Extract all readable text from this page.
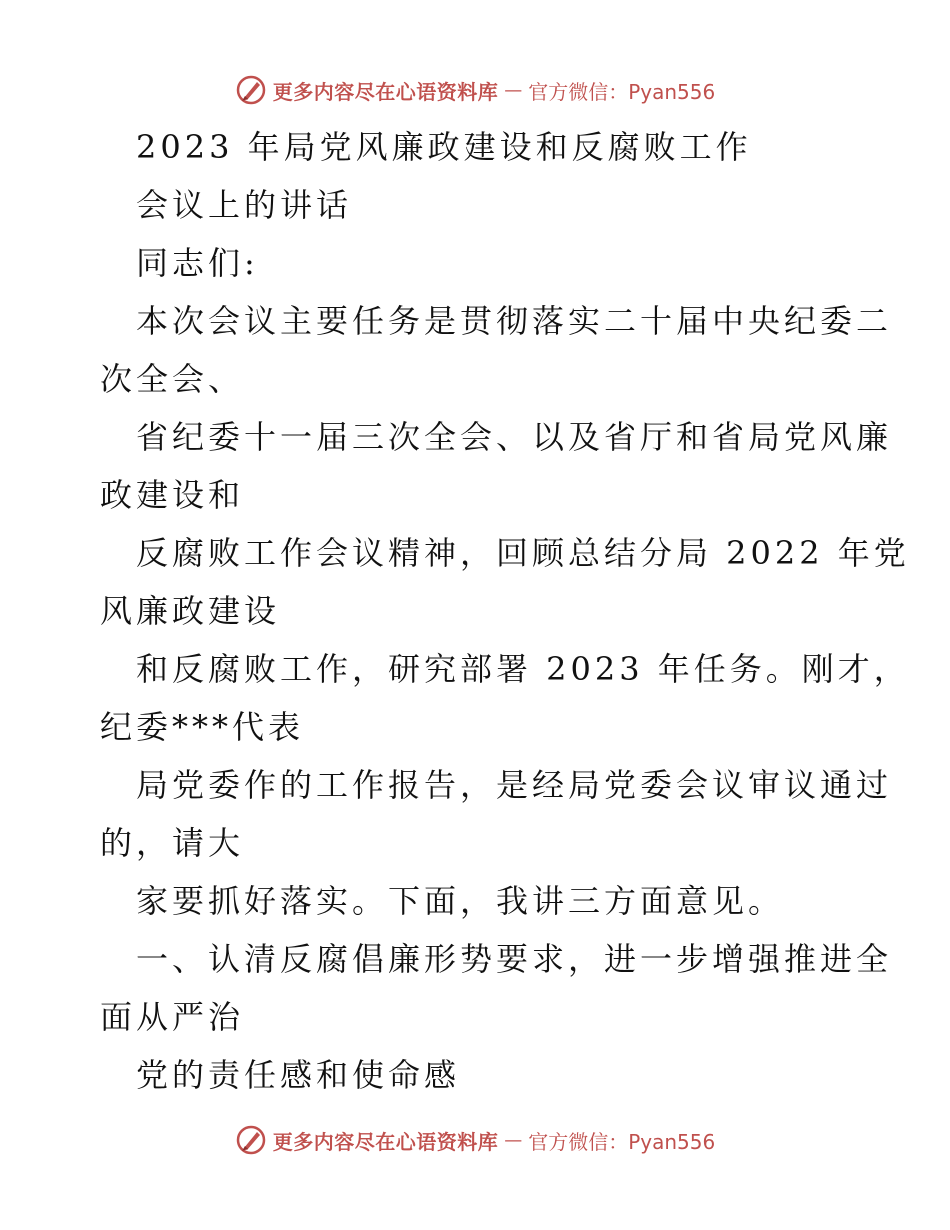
更多内容尽在心语资料库 — 官方微信：Pyan556
2023 年局党风廉政建设和反腐败工作
会议上的讲话
同志们:
本次会议主要任务是贯彻落实二十届中央纪委二
次全会、
省纪委十一届三次全会、以及省厅和省局党风廉
政建设和
反腐败工作会议精神，回顾总结分局 2022 年党
风廉政建设
和反腐败工作，研究部署 2023 年任务。刚才，
纪委***代表
局党委作的工作报告，是经局党委会议审议通过
的，请大
家要抓好落实。下面，我讲三方面意见。
一、认清反腐倡廉形势要求，进一步增强推进全
面从严治
党的责任感和使命感
更多内容尽在心语资料库 — 官方微信：Pyan556
